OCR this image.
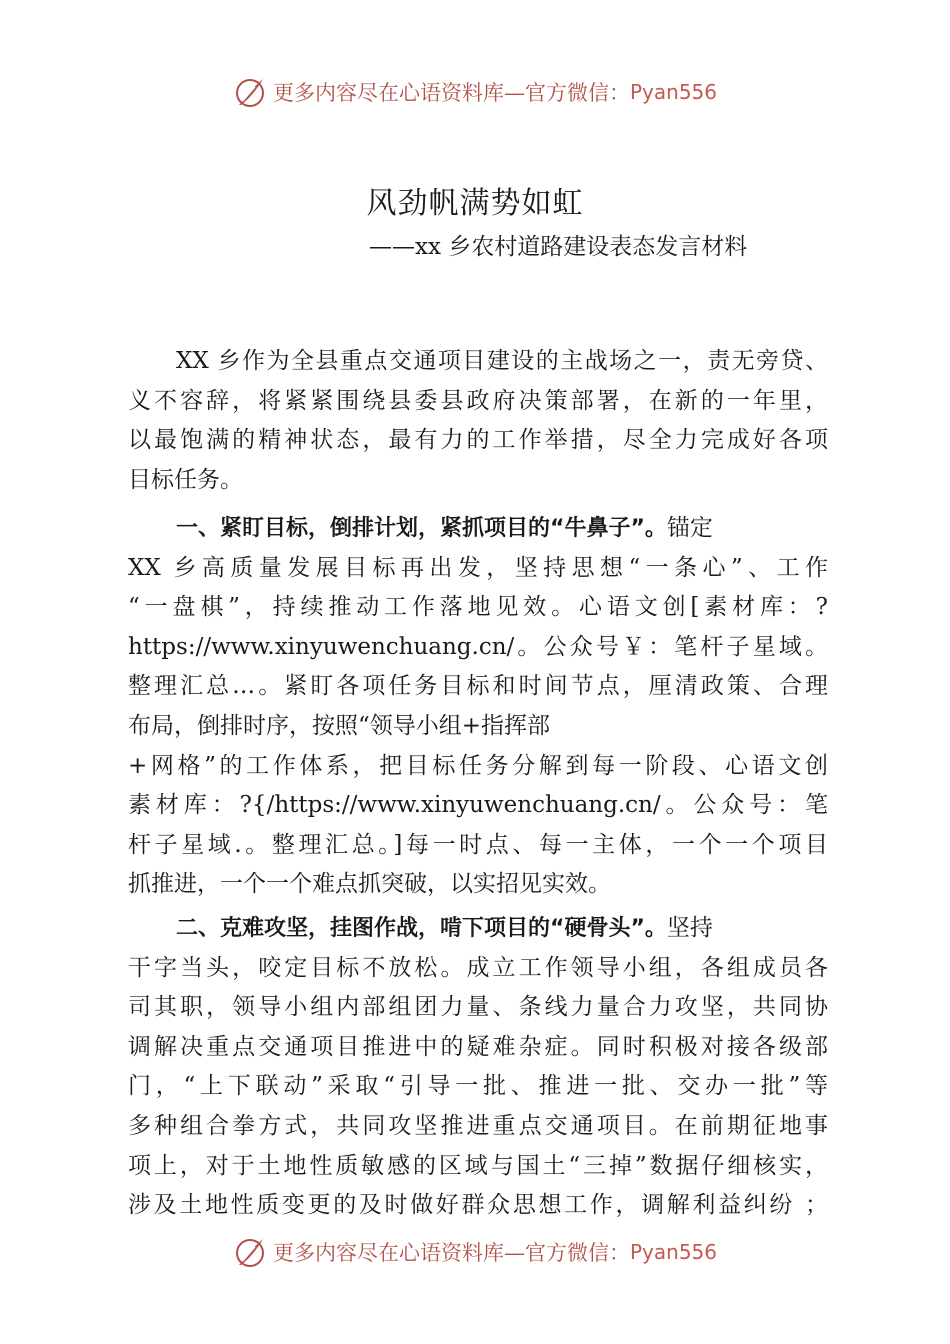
更多内容尽在心语资料库—官方微信： Pyan556
风劲帆满势如虹
——xx 乡农村道路建设表态发言材料
XX 乡作为全县重点交通项目建设的主战场之一，责无旁贷、
义不容辞，将紧紧围绕县委县政府决策部署，在新的一年里，
以最饱满的精神状态，最有力的工作举措，尽全力完成好各项
目标任务。
一、紧盯目标，倒排计划，紧抓项目的“牛鼻子”。锚定
XX 乡高质量发展目标再出发，坚持思想“一条心”、工作
“一盘棋”，持续推动工作落地见效。心语文创[素材库：?
https://www.xinyuwenchuang.cn/。公众号￥：笔杆子星域。
整理汇总…。紧盯各项任务目标和时间节点，厘清政策、合理
布局，倒排时序，按照“领导小组+指挥部
+网格”的工作体系，把目标任务分解到每一阶段、心语文创
素材库：?{/https://www.xinyuwenchuang.cn/。公众号：笔
杆子星域.。整理汇总。]每一时点、每一主体，一个一个项目
抓推进，一个一个难点抓突破，以实招见实效。
二、克难攻坚，挂图作战，啃下项目的“硬骨头”。坚持
干字当头，咬定目标不放松。成立工作领导小组，各组成员各
司其职，领导小组内部组团力量、条线力量合力攻坚，共同协
调解决重点交通项目推进中的疑难杂症。同时积极对接各级部
门，“上下联动”采取“引导一批、推进一批、交办一批”等
多种组合拳方式，共同攻坚推进重点交通项目。在前期征地事
项上，对于土地性质敏感的区域与国土“三掉”数据仔细核实，
涉及土地性质变更的及时做好群众思想工作，调解利益纠纷 ；
更多内容尽在心语资料库—官方微信： Pyan556
